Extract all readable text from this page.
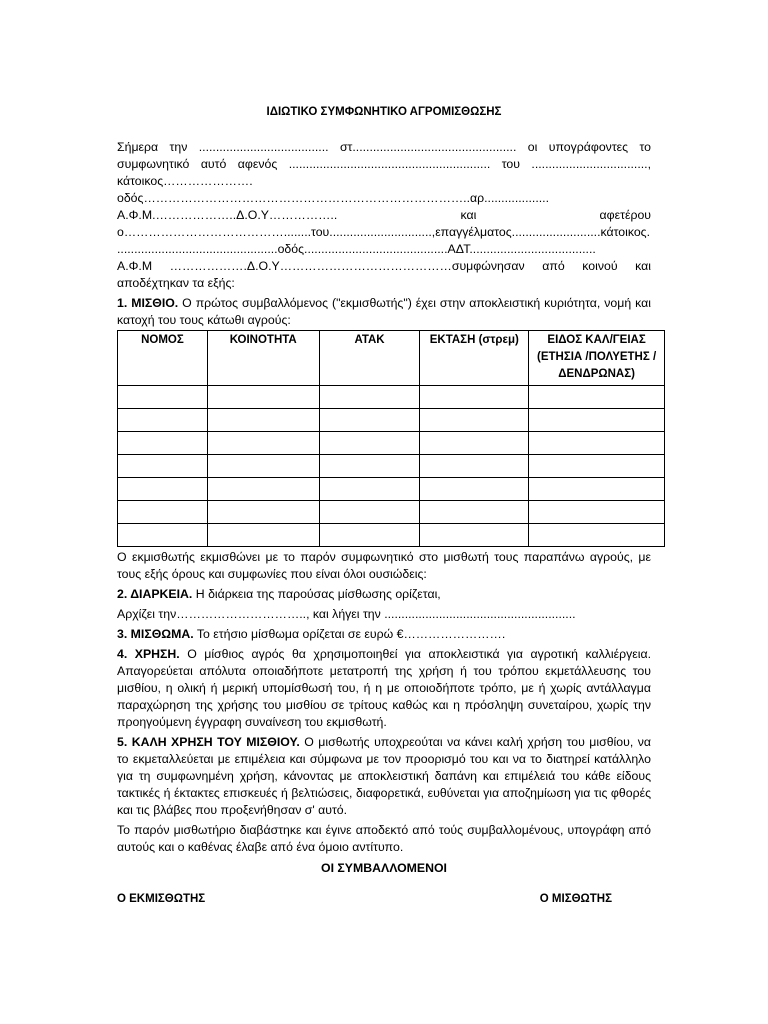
ΙΔΙΩΤΙΚΟ ΣΥΜΦΩΝΗΤΙΚΟ ΑΓΡΟΜΙΣΘΩΣΗΣ

Σήμερα την ...................................... στ................................................ οι υπογράφοντες το συμφωνητικό αυτό αφενός ........................................................... του .................................., κάτοικος…………………. οδός……………………………………………………………………..αρ...................

Α.Φ.Μ.………………..Δ.Ο.Υ……………..	και	αφετέρου

ο…………………………………........του..............................,επαγγέλματος..........................κάτοικος. ...............................................οδός..........................................ΑΔΤ.....................................

Α.Φ.Μ ……………….Δ.Ο.Υ……………………………………συμφώνησαν από κοινού και αποδέχτηκαν τα εξής:

1. ΜΙΣΘΙΟ. Ο πρώτος συμβαλλόμενος ("εκμισθωτής") έχει στην αποκλειστική κυριότητα, νομή και κατοχή του τους κάτωθι αγρούς:

ΝΟΜΟΣ	ΚΟΙΝΟΤΗΤΑ	ΑΤΑΚ	ΕΚΤΑΣΗ (στρεμ)	ΕΙΔΟΣ ΚΑΛ/ΓΕΙΑΣ (ΕΤΗΣΙΑ /ΠΟΛΥΕΤΗΣ / ΔΕΝΔΡΩΝΑΣ)

Ο εκμισθωτής εκμισθώνει με το παρόν συμφωνητικό στο μισθωτή τους παραπάνω αγρούς, με τους εξής όρους και συμφωνίες που είναι όλοι ουσιώδεις:

2. ΔΙΑΡΚΕΙΑ. Η διάρκεια της παρούσας μίσθωσης ορίζεται,

Αρχίζει την………………………….., και λήγει την ........................................................

3. ΜΙΣΘΩΜΑ. Το ετήσιο μίσθωμα ορίζεται σε ευρώ €…………………….

4. ΧΡΗΣΗ. Ο μίσθιος αγρός θα χρησιμοποιηθεί για αποκλειστικά για αγροτική καλλιέργεια. Απαγορεύεται απόλυτα οποιαδήποτε μετατροπή της χρήση ή του τρόπου εκμετάλλευσης του μισθίου, η ολική ή μερική υπομίσθωσή του, ή η με οποιοδήποτε τρόπο, με ή χωρίς αντάλλαγμα παραχώρηση της χρήσης του μισθίου σε τρίτους καθώς και η πρόσληψη συνεταίρου, χωρίς την προηγούμενη έγγραφη συναίνεση του εκμισθωτή.

5. ΚΑΛΗ ΧΡΗΣΗ ΤΟΥ ΜΙΣΘΙΟΥ. Ο μισθωτής υποχρεούται να κάνει καλή χρήση του μισθίου, να το εκμεταλλεύεται με επιμέλεια και σύμφωνα με τον προορισμό του και να το διατηρεί κατάλληλο για τη συμφωνημένη χρήση, κάνοντας με αποκλειστική δαπάνη και επιμέλειά του κάθε είδους τακτικές ή έκτακτες επισκευές ή βελτιώσεις, διαφορετικά, ευθύνεται για αποζημίωση για τις φθορές και τις βλάβες που προξενήθησαν σ' αυτό.

Το παρόν μισθωτήριο διαβάστηκε και έγινε αποδεκτό από τούς συμβαλλομένους, υπογράφη από αυτούς και ο καθένας έλαβε από ένα όμοιο αντίτυπο.

ΟΙ ΣΥΜΒΑΛΛΟΜΕΝΟΙ
Ο ΕΚΜΙΣΘΩΤΗΣ	Ο ΜΙΣΘΩΤΗΣ
